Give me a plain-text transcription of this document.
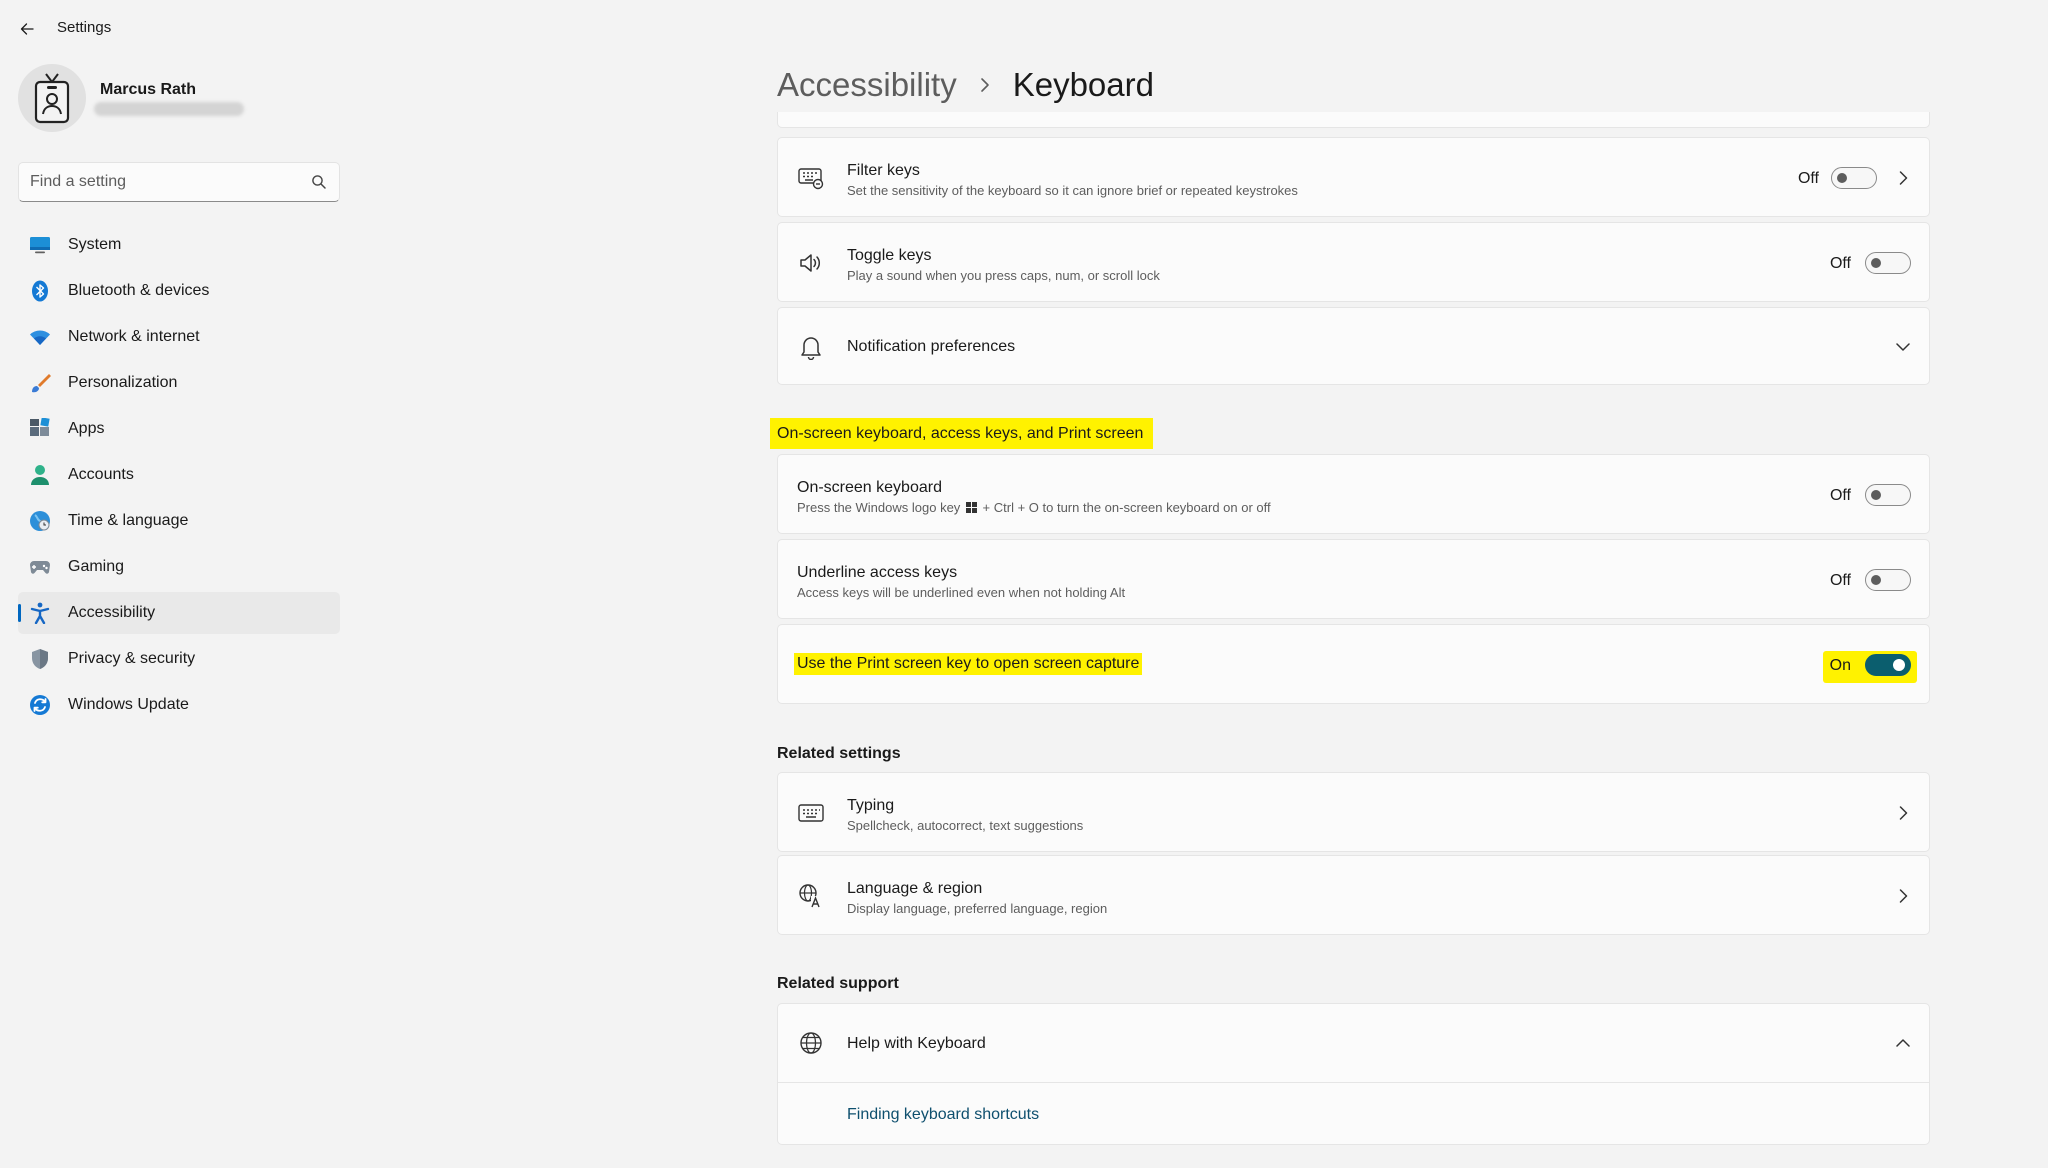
Settings
Marcus Rath
Find a setting
System
Bluetooth & devices
Network & internet
Personalization
Apps
Accounts
Time & language
Gaming
Accessibility
Privacy & security
Windows Update
Accessibility Keyboard
Filter keys
Set the sensitivity of the keyboard so it can ignore brief or repeated keystrokes
Off
Toggle keys
Play a sound when you press caps, num, or scroll lock
Off
Notification preferences
On-screen keyboard, access keys, and Print screen
On-screen keyboard
Press the Windows logo key + Ctrl + O to turn the on-screen keyboard on or off
Off
Underline access keys
Access keys will be underlined even when not holding Alt
Off
Use the Print screen key to open screen capture	On
Related settings
Typing
Spellcheck, autocorrect, text suggestions
Language & region
Display language, preferred language, region
Related support
Help with Keyboard
Finding keyboard shortcuts
